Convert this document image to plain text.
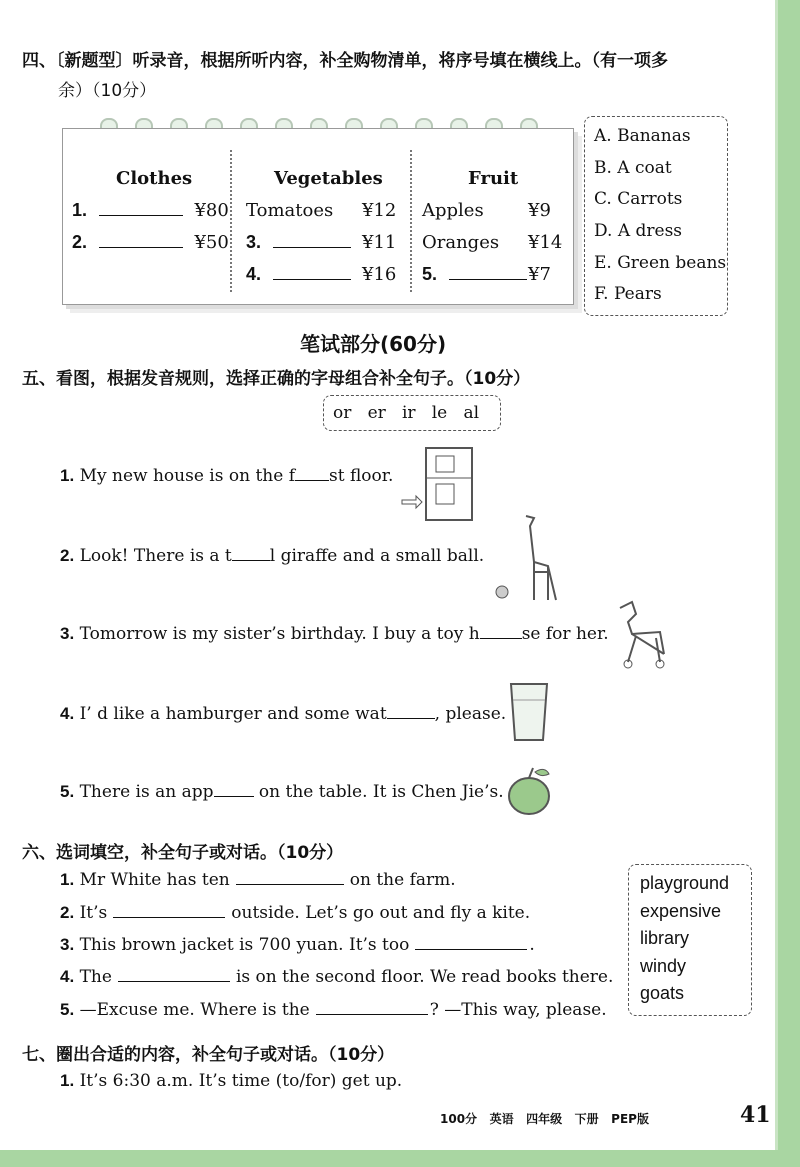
四、〔新题型〕听录音，根据所听内容，补全购物清单，将序号填在横线上。（有一项多
余）（10分）
Clothes
1.	¥80
2.	¥50
Vegetables
Tomatoes ¥12
3.	¥11
4.	¥16
Fruit
Apples ¥9
Oranges ¥14
5.	¥7
A. Bananas
B. A coat
C. Carrots
D. A dress
E. Green beans
F. Pears
笔试部分(60分)
五、看图，根据发音规则，选择正确的字母组合补全句子。（10分）
or   er   ir   le   al
1. My new house is on the f st floor.
2. Look! There is a t l giraffe and a small ball.
3. Tomorrow is my sister’s birthday. I buy a toy h se for her.
4. I’ d like a hamburger and some wat	, please.
5. There is an app on the table. It is Chen Jie’s.
六、选词填空，补全句子或对话。（10分）
1. Mr White has ten	on the farm.
2. It’s	outside. Let’s go out and fly a kite.
3. This brown jacket is 700 yuan. It’s too	.
4. The	is on the second floor. We read books there.
5. —Excuse me. Where is the	? —This way, please.
playground
expensive
library
windy
goats
七、圈出合适的内容，补全句子或对话。（10分）
1. It’s 6:30 a.m. It’s time (to/for) get up.
100分   英语   四年级   下册   PEP版	41
